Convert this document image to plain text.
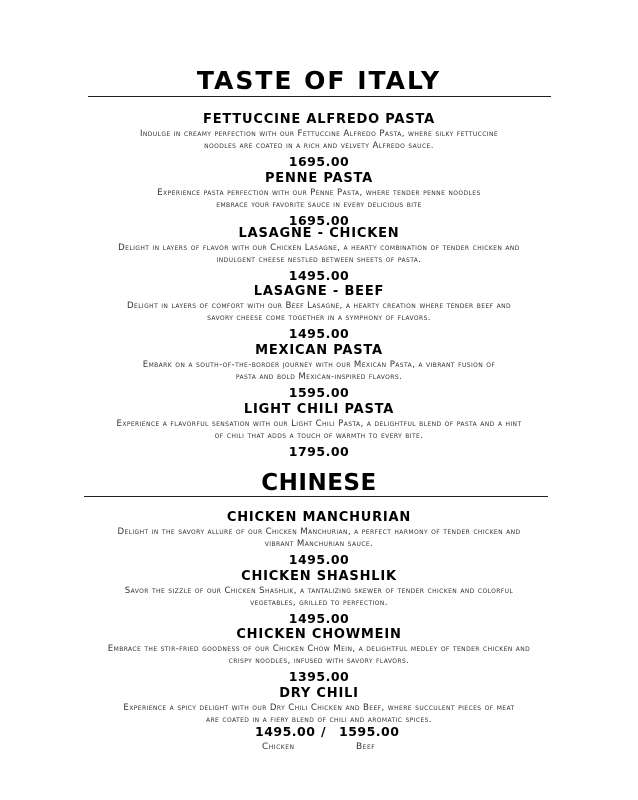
TASTE OF ITALY
FETTUCCINE ALFREDO PASTA
Indulge in creamy perfection with our Fettuccine Alfredo Pasta, where silky fettuccine
noodles are coated in a rich and velvety Alfredo sauce.
1695.00
PENNE PASTA
Experience pasta perfection with our Penne Pasta, where tender penne noodles
embrace your favorite sauce in every delicious bite
1695.00
LASAGNE - CHICKEN
Delight in layers of flavor with our Chicken Lasagne, a hearty combination of tender chicken and
indulgent cheese nestled between sheets of pasta.
1495.00
LASAGNE - BEEF
Delight in layers of comfort with our Beef Lasagne, a hearty creation where tender beef and
savory cheese come together in a symphony of flavors.
1495.00
MEXICAN PASTA
Embark on a south-of-the-border journey with our Mexican Pasta, a vibrant fusion of
pasta and bold Mexican-inspired flavors.
1595.00
LIGHT CHILI PASTA
Experience a flavorful sensation with our Light Chili Pasta, a delightful blend of pasta and a hint
of chili that adds a touch of warmth to every bite.
1795.00
CHINESE
CHICKEN MANCHURIAN
Delight in the savory allure of our Chicken Manchurian, a perfect harmony of tender chicken and
vibrant Manchurian sauce.
1495.00
CHICKEN SHASHLIK
Savor the sizzle of our Chicken Shashlik, a tantalizing skewer of tender chicken and colorful
vegetables, grilled to perfection.
1495.00
CHICKEN CHOWMEIN
Embrace the stir-fried goodness of our Chicken Chow Mein, a delightful medley of tender chicken and
crispy noodles, infused with savory flavors.
1395.00
DRY CHILI
Experience a spicy delight with our Dry Chili Chicken and Beef, where succulent pieces of meat
are coated in a fiery blend of chili and aromatic spices.
1495.00 / 1595.00
Chicken	Beef
